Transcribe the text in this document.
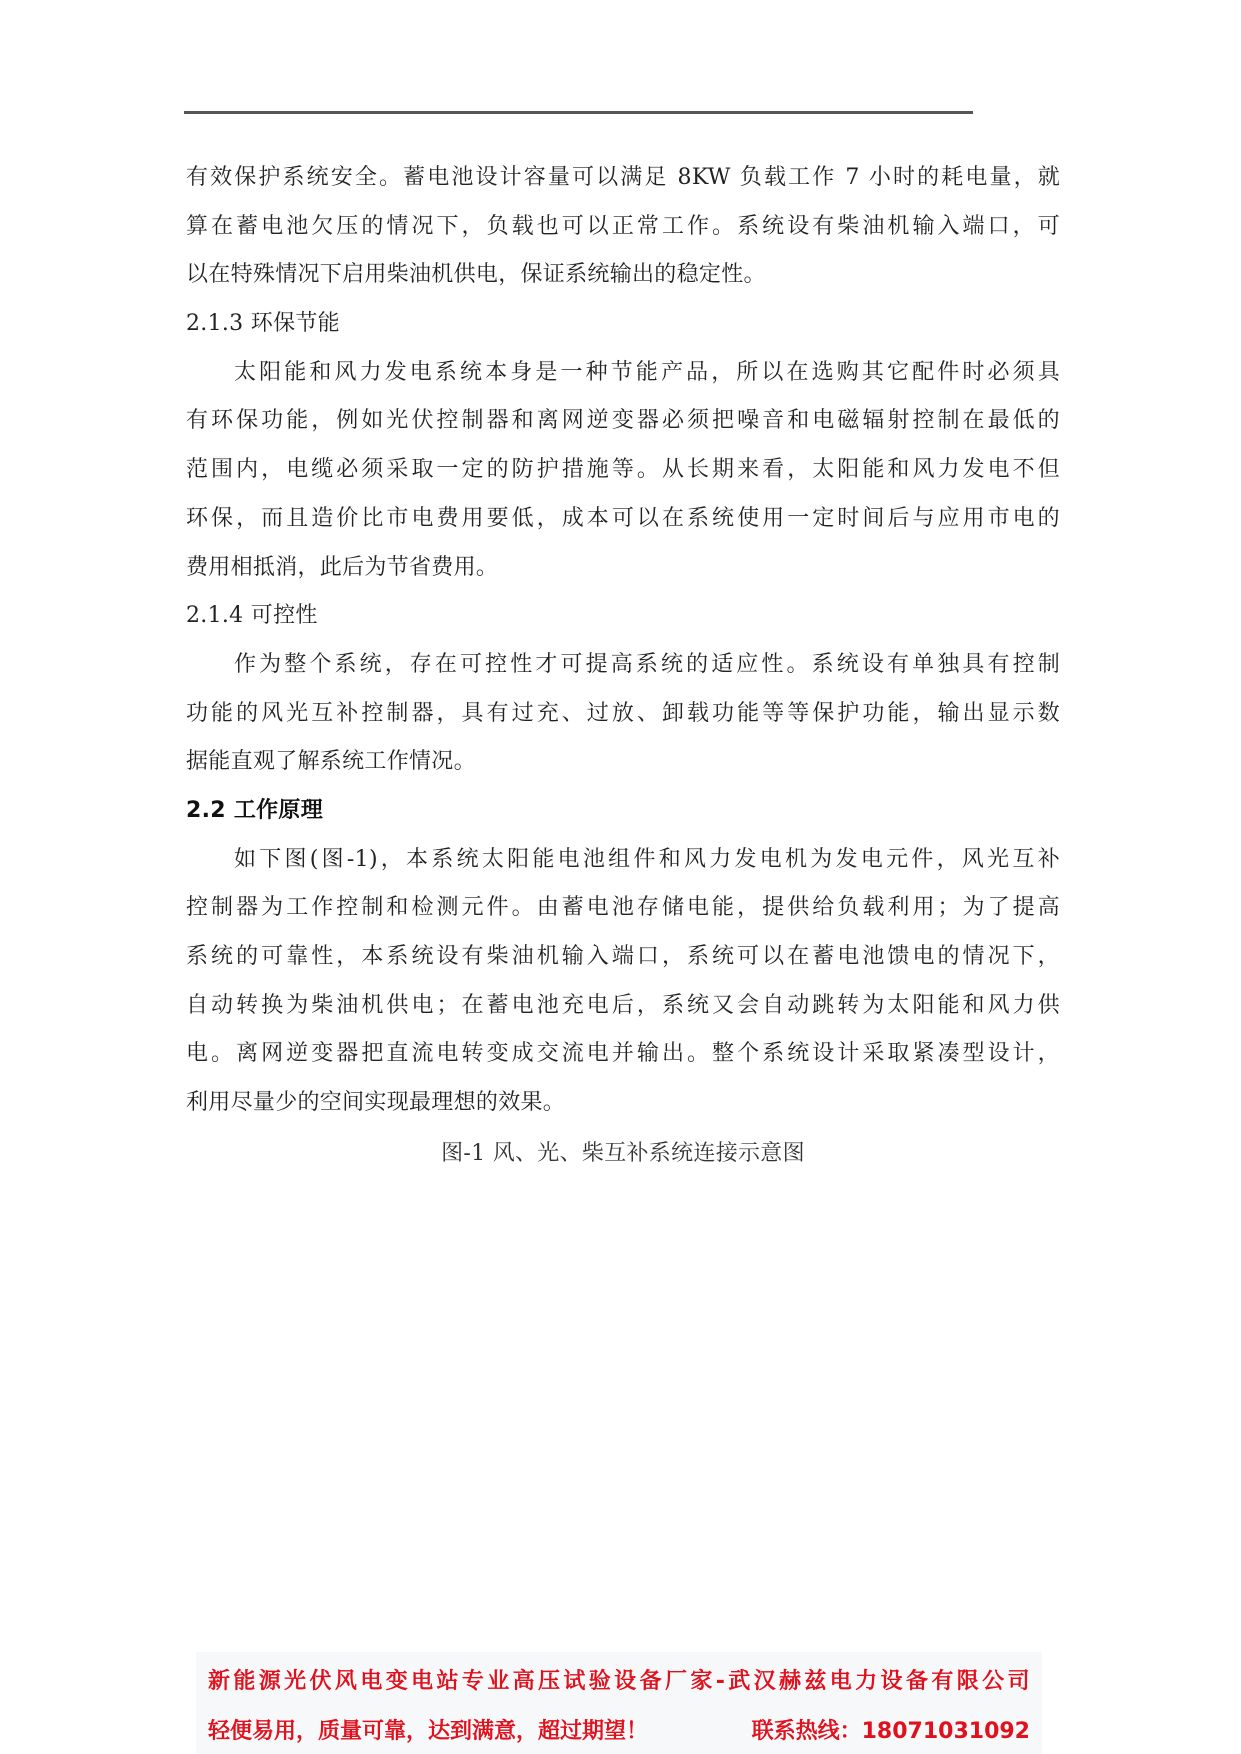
有效保护系统安全。蓄电池设计容量可以满足 8KW 负载工作 7 小时的耗电量，就
算在蓄电池欠压的情况下，负载也可以正常工作。系统设有柴油机输入端口，可
以在特殊情况下启用柴油机供电，保证系统输出的稳定性。
2.1.3 环保节能
太阳能和风力发电系统本身是一种节能产品，所以在选购其它配件时必须具
有环保功能，例如光伏控制器和离网逆变器必须把噪音和电磁辐射控制在最低的
范围内，电缆必须采取一定的防护措施等。从长期来看，太阳能和风力发电不但
环保，而且造价比市电费用要低，成本可以在系统使用一定时间后与应用市电的
费用相抵消，此后为节省费用。
2.1.4 可控性
作为整个系统，存在可控性才可提高系统的适应性。系统设有单独具有控制
功能的风光互补控制器，具有过充、过放、卸载功能等等保护功能，输出显示数
据能直观了解系统工作情况。
2.2 工作原理
如下图(图-1)，本系统太阳能电池组件和风力发电机为发电元件，风光互补
控制器为工作控制和检测元件。由蓄电池存储电能，提供给负载利用；为了提高
系统的可靠性，本系统设有柴油机输入端口，系统可以在蓄电池馈电的情况下，
自动转换为柴油机供电；在蓄电池充电后，系统又会自动跳转为太阳能和风力供
电。离网逆变器把直流电转变成交流电并输出。整个系统设计采取紧凑型设计，
利用尽量少的空间实现最理想的效果。
图-1 风、光、柴互补系统连接示意图
新能源光伏风电变电站专业高压试验设备厂家-武汉赫兹电力设备有限公司
轻便易用，质量可靠，达到满意，超过期望！	联系热线：18071031092
